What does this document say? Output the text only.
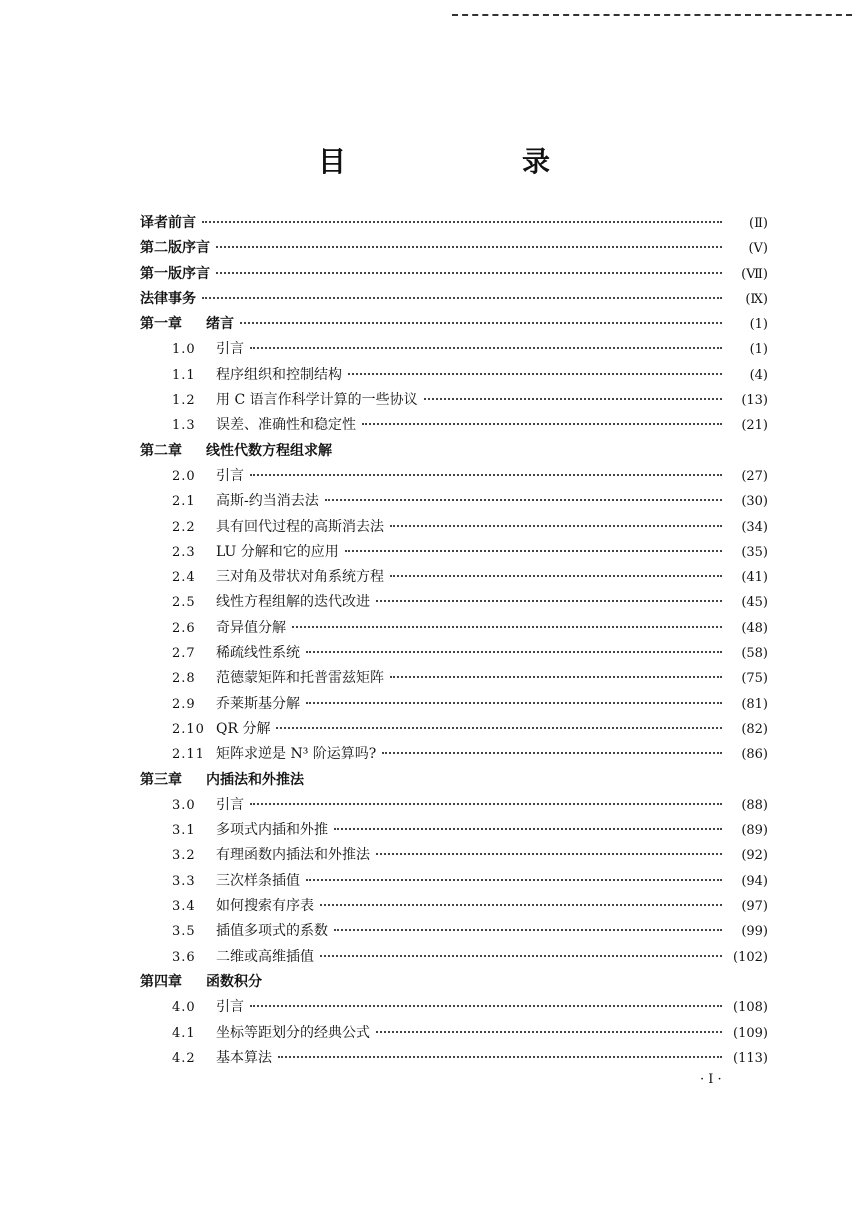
目　　录
译者前言	(Ⅱ)
第二版序言	(Ⅴ)
第一版序言	(Ⅶ)
法律事务	(Ⅸ)
第一章	绪言	(1)
1.0	引言	(1)
1.1	程序组织和控制结构	(4)
1.2	用 C 语言作科学计算的一些协议	(13)
1.3	误差、准确性和稳定性	(21)
第二章	线性代数方程组求解
2.0	引言	(27)
2.1	高斯-约当消去法	(30)
2.2	具有回代过程的高斯消去法	(34)
2.3	LU 分解和它的应用	(35)
2.4	三对角及带状对角系统方程	(41)
2.5	线性方程组解的迭代改进	(45)
2.6	奇异值分解	(48)
2.7	稀疏线性系统	(58)
2.8	范德蒙矩阵和托普雷兹矩阵	(75)
2.9	乔莱斯基分解	(81)
2.10 QR 分解	(82)
2.11 矩阵求逆是 N³ 阶运算吗?	(86)
第三章	内插法和外推法
3.0	引言	(88)
3.1	多项式内插和外推	(89)
3.2	有理函数内插法和外推法	(92)
3.3	三次样条插值	(94)
3.4	如何搜索有序表	(97)
3.5	插值多项式的系数	(99)
3.6	二维或高维插值	(102)
第四章	函数积分
4.0	引言	(108)
4.1	坐标等距划分的经典公式	(109)
4.2	基本算法	(113)
· Ⅰ ·
